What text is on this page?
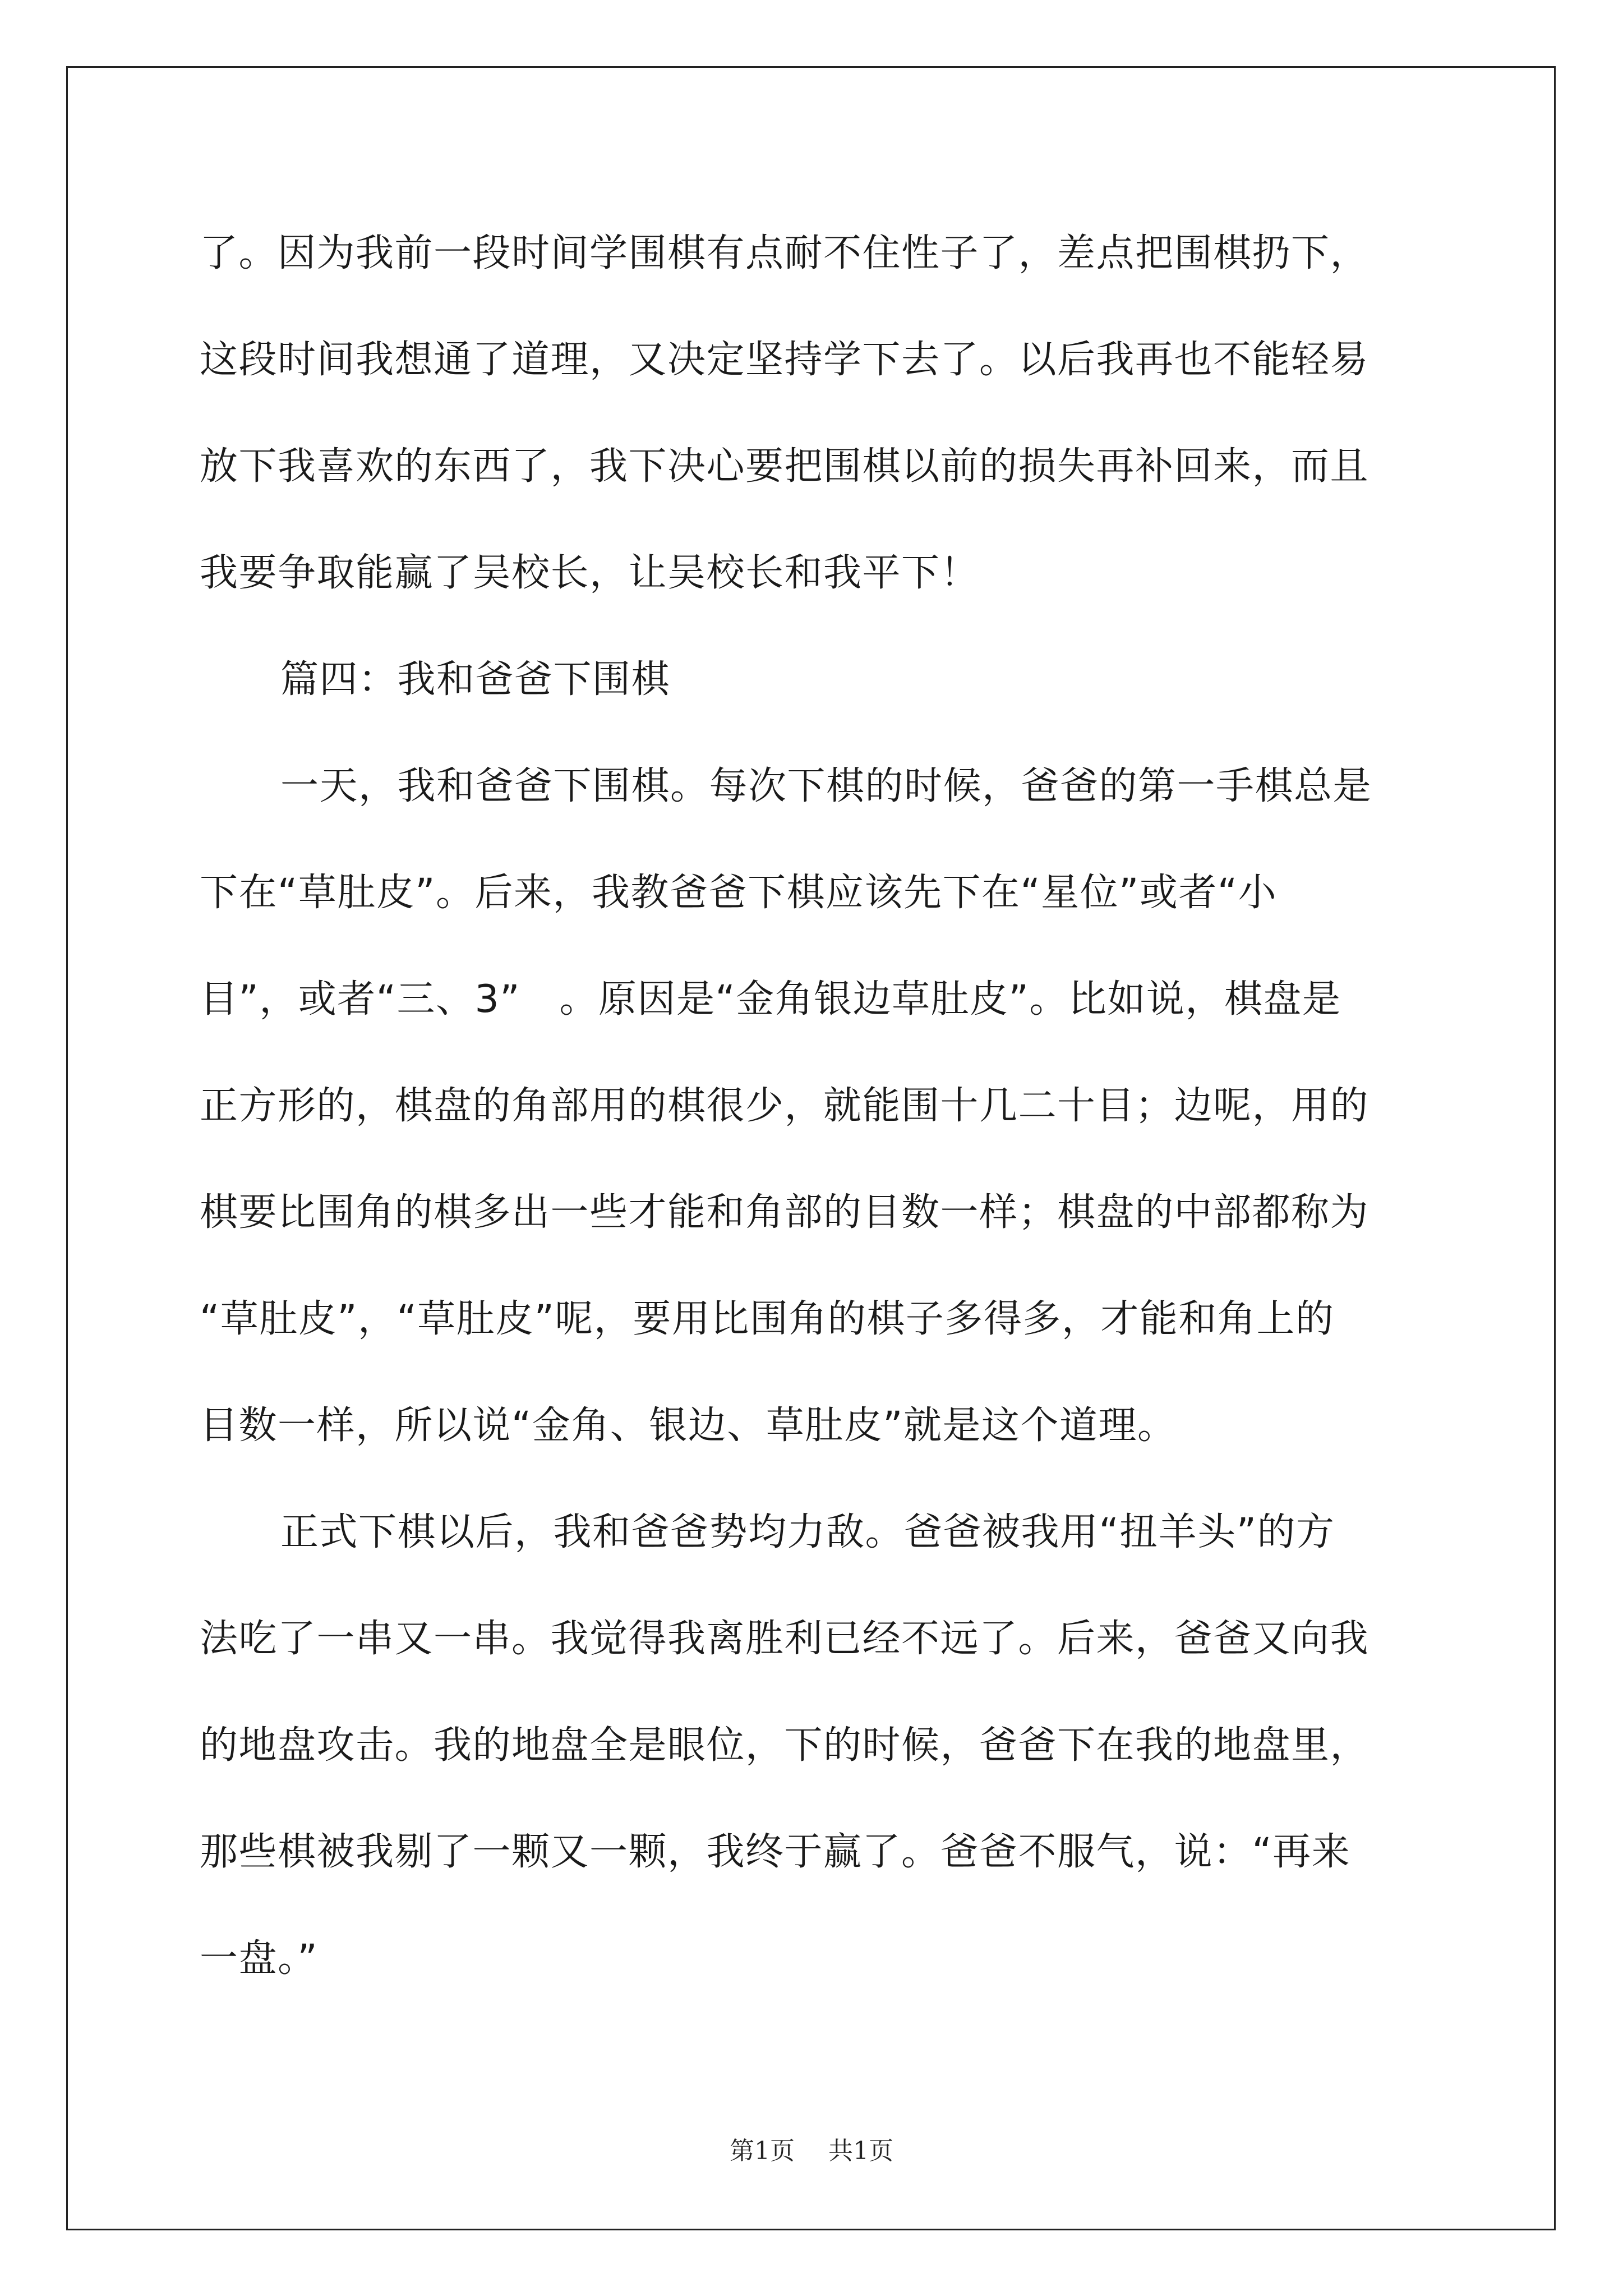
了。因为我前一段时间学围棋有点耐不住性子了，差点把围棋扔下，
这段时间我想通了道理，又决定坚持学下去了。以后我再也不能轻易
放下我喜欢的东西了，我下决心要把围棋以前的损失再补回来，而且
我要争取能赢了吴校长，让吴校长和我平下！

篇四：我和爸爸下围棋

一天，我和爸爸下围棋。每次下棋的时候，爸爸的第一手棋总是
下在“草肚皮”。后来，我教爸爸下棋应该先下在“星位”或者“小
目”，或者“三、3”　。原因是“金角银边草肚皮”。比如说，棋盘是
正方形的，棋盘的角部用的棋很少，就能围十几二十目；边呢，用的
棋要比围角的棋多出一些才能和角部的目数一样；棋盘的中部都称为
“草肚皮”，“草肚皮”呢，要用比围角的棋子多得多，才能和角上的
目数一样，所以说“金角、银边、草肚皮”就是这个道理。

正式下棋以后，我和爸爸势均力敌。爸爸被我用“扭羊头”的方
法吃了一串又一串。我觉得我离胜利已经不远了。后来，爸爸又向我
的地盘攻击。我的地盘全是眼位，下的时候，爸爸下在我的地盘里，
那些棋被我剔了一颗又一颗，我终于赢了。爸爸不服气，说：“再来
一盘。”

第1页 共1页
